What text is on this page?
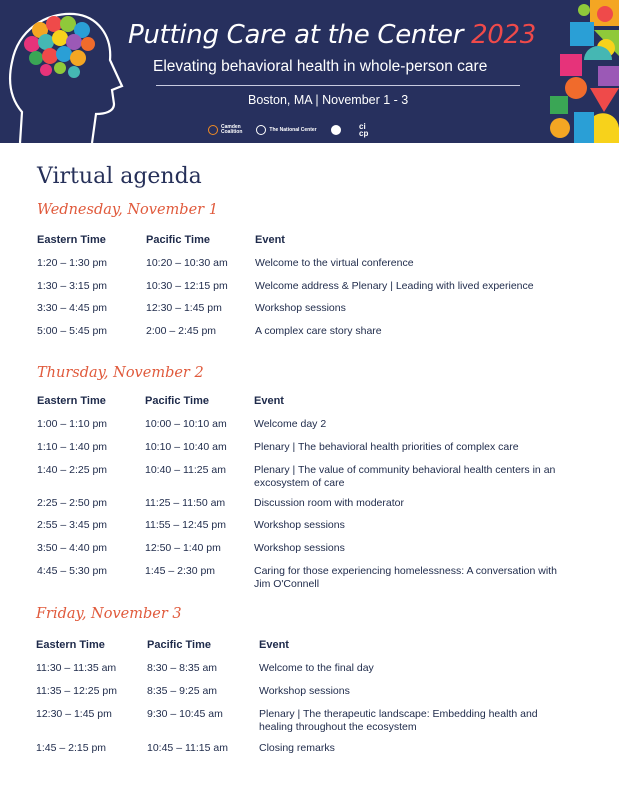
Putting Care at the Center 2023
Elevating behavioral health in whole-person care
Boston, MA | November 1 - 3
Camden
Coalition	The National Center
	ci
cp
Virtual agenda
Wednesday, November 1
Eastern Time	Pacific Time	Event
1:20 – 1:30 pm	10:20 – 10:30 am	Welcome to the virtual conference
1:30 – 3:15 pm	10:30 – 12:15 pm	Welcome address & Plenary | Leading with lived experience
3:30 – 4:45 pm	12:30 – 1:45 pm	Workshop sessions
5:00 – 5:45 pm	2:00 – 2:45 pm	A complex care story share
Thursday, November 2
Eastern Time	Pacific Time	Event
1:00 – 1:10 pm	10:00 – 10:10 am	Welcome day 2
1:10 – 1:40 pm	10:10 – 10:40 am	Plenary | The behavioral health priorities of complex care
1:40 – 2:25 pm	10:40 – 11:25 am	Plenary | The value of community behavioral health centers in an excosystem of care
2:25 – 2:50 pm	11:25 – 11:50 am	Discussion room with moderator
2:55 – 3:45 pm	11:55 – 12:45 pm	Workshop sessions
3:50 – 4:40 pm	12:50 – 1:40 pm	Workshop sessions
4:45 – 5:30 pm	1:45 – 2:30 pm	Caring for those experiencing homelessness: A conversation with Jim O'Connell
Friday, November 3
Eastern Time	Pacific Time	Event
11:30 – 11:35 am	8:30 – 8:35 am	Welcome to the final day
11:35 – 12:25 pm	8:35 – 9:25 am	Workshop sessions
12:30 – 1:45 pm	9:30 – 10:45 am	Plenary | The therapeutic landscape: Embedding health and healing throughout the ecosystem
1:45 – 2:15 pm	10:45 – 11:15 am	Closing remarks
